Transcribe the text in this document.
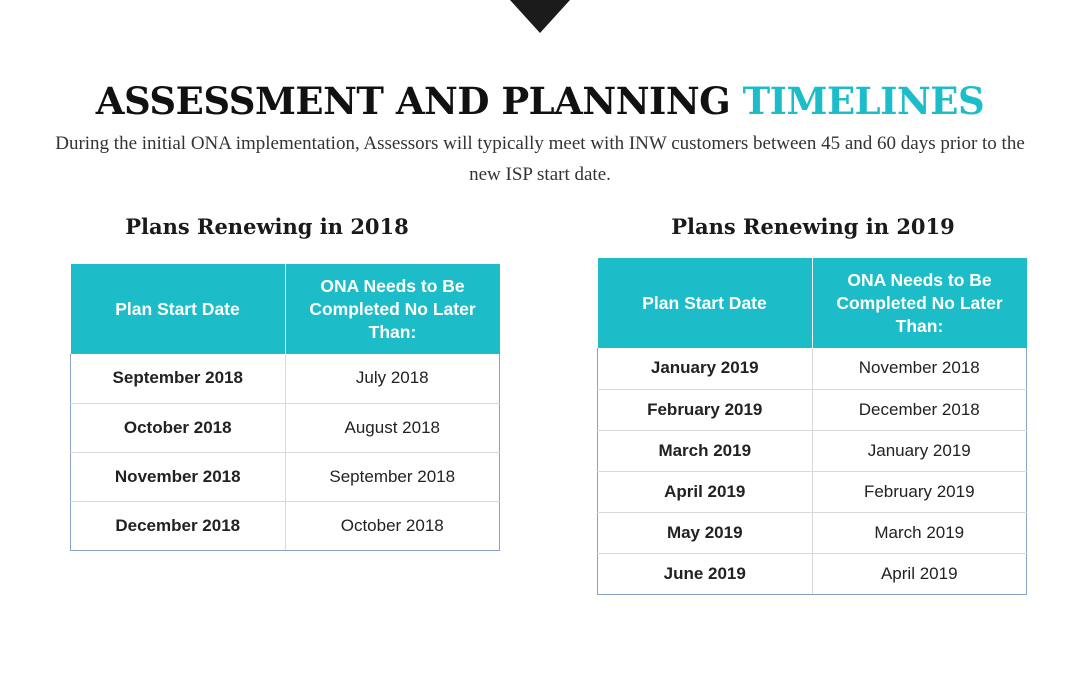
ASSESSMENT AND PLANNING TIMELINES
During the initial ONA implementation, Assessors will typically meet with INW customers between 45 and 60 days prior to the new ISP start date.
Plans Renewing in 2018
Plan Start Date	ONA Needs to Be Completed No Later Than:
September 2018	July 2018
October 2018	August 2018
November 2018	September 2018
December 2018	October 2018
Plans Renewing in 2019
Plan Start Date	ONA Needs to Be Completed No Later Than:
January 2019	November 2018
February 2019	December 2018
March 2019	January 2019
April 2019	February 2019
May 2019	March 2019
June 2019	April 2019
